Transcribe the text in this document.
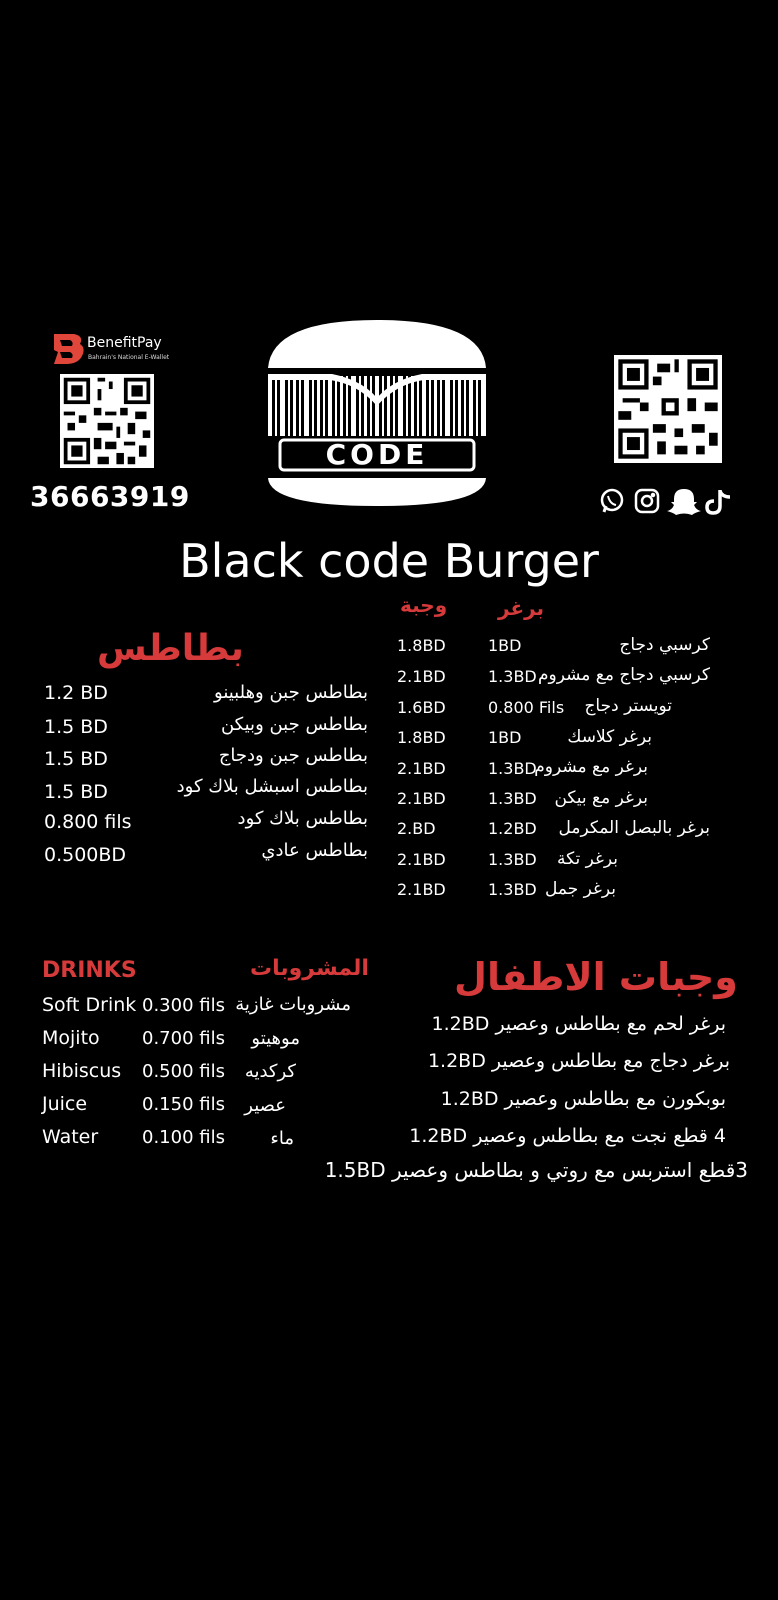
BenefitPay
Bahrain's National E-Wallet
36663919
CODE
Black code Burger
بطاطس
بطاطس جبن وهلبينو
1.2 BD
بطاطس جبن وبيكن
1.5 BD
بطاطس جبن ودجاج
1.5 BD
بطاطس اسبشل بلاك كود
1.5 BD
بطاطس بلاك كود
0.800 fils
بطاطس عادي
0.500BD
برغر
وجبة
كرسبي دجاج
1BD
1.8BD
كرسبي دجاج مع مشروم
1.3BD
2.1BD
تويستر دجاج
0.800 Fils
1.6BD
برغر كلاسك
1BD
1.8BD
برغر مع مشروم
1.3BD
2.1BD
برغر مع بيكن
1.3BD
2.1BD
برغر بالبصل المكرمل
1.2BD
2.BD
برغر تكة
1.3BD
2.1BD
برغر جمل
1.3BD
2.1BD
DRINKS	المشروبات
Soft Drink 0.300 fils مشروبات غازية
Mojito 0.700 fils موهيتو
Hibiscus 0.500 fils كركديه
Juice	0.150 fils عصير
Water 0.100 fils	ماء
وجبات الاطفال
برغر لحم مع بطاطس وعصير 1.2BD
برغر دجاج مع بطاطس وعصير 1.2BD
بوبكورن مع بطاطس وعصير 1.2BD
4 قطع نجت مع بطاطس وعصير 1.2BD
3قطع استربس مع روتي و بطاطس وعصير 1.5BD
